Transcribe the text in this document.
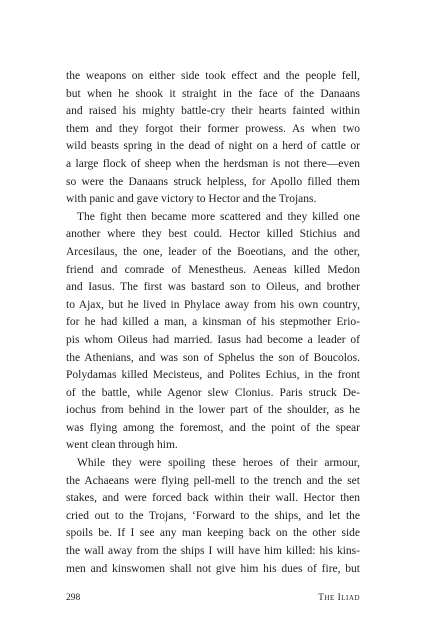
the weapons on either side took effect and the people fell,
but when he shook it straight in the face of the Danaans
and raised his mighty battle-cry their hearts fainted within
them and they forgot their former prowess. As when two
wild beasts spring in the dead of night on a herd of cattle or
a large flock of sheep when the herdsman is not there—even
so were the Danaans struck helpless, for Apollo filled them
with panic and gave victory to Hector and the Trojans.
The fight then became more scattered and they killed one
another where they best could. Hector killed Stichius and
Arcesilaus, the one, leader of the Boeotians, and the other,
friend and comrade of Menestheus. Aeneas killed Medon
and Iasus. The first was bastard son to Oileus, and brother
to Ajax, but he lived in Phylace away from his own country,
for he had killed a man, a kinsman of his stepmother Erio-
pis whom Oileus had married. Iasus had become a leader of
the Athenians, and was son of Sphelus the son of Boucolos.
Polydamas killed Mecisteus, and Polites Echius, in the front
of the battle, while Agenor slew Clonius. Paris struck De-
iochus from behind in the lower part of the shoulder, as he
was flying among the foremost, and the point of the spear
went clean through him.
While they were spoiling these heroes of their armour,
the Achaeans were flying pell-mell to the trench and the set
stakes, and were forced back within their wall. Hector then
cried out to the Trojans, ‘Forward to the ships, and let the
spoils be. If I see any man keeping back on the other side
the wall away from the ships I will have him killed: his kins-
men and kinswomen shall not give him his dues of fire, but
298	The Iliad
